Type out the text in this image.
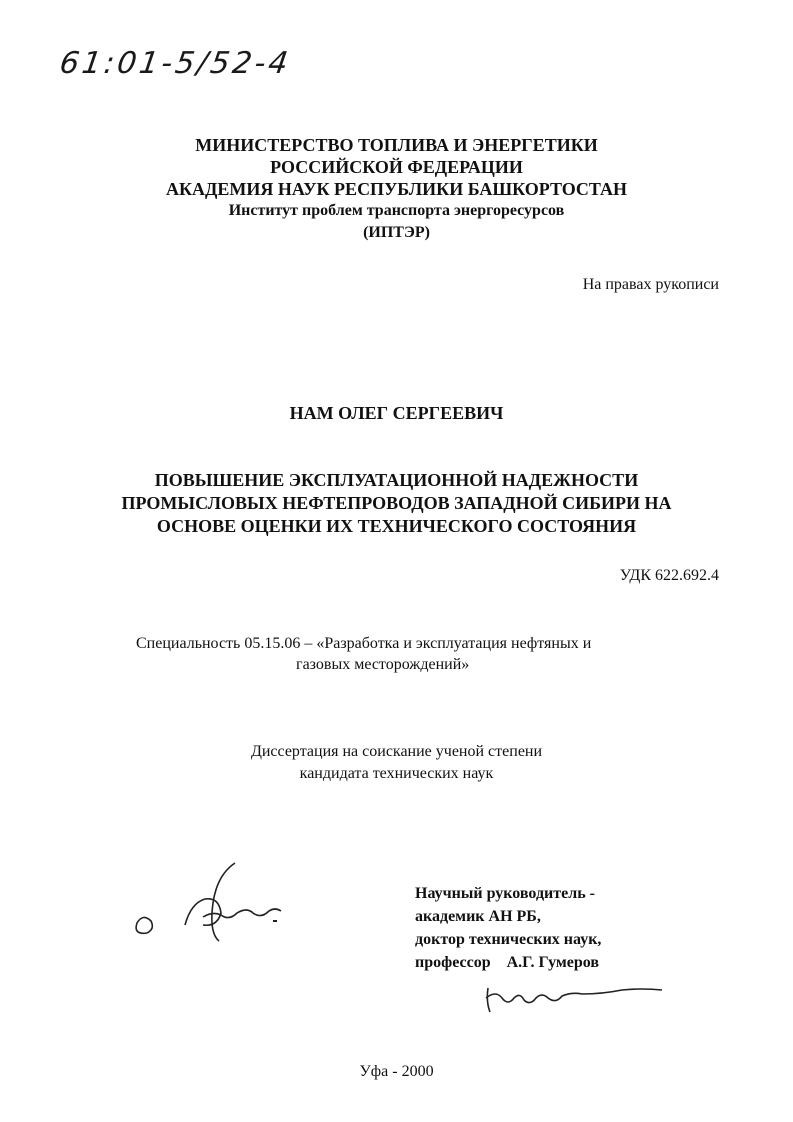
61:01-5/52-4
МИНИСТЕРСТВО ТОПЛИВА И ЭНЕРГЕТИКИ
РОССИЙСКОЙ ФЕДЕРАЦИИ
АКАДЕМИЯ НАУК РЕСПУБЛИКИ БАШКОРТОСТАН
Институт проблем транспорта энергоресурсов
(ИПТЭР)
На правах рукописи
НАМ ОЛЕГ СЕРГЕЕВИЧ
ПОВЫШЕНИЕ ЭКСПЛУАТАЦИОННОЙ НАДЕЖНОСТИ
ПРОМЫСЛОВЫХ НЕФТЕПРОВОДОВ ЗАПАДНОЙ СИБИРИ НА
ОСНОВЕ ОЦЕНКИ ИХ ТЕХНИЧЕСКОГО СОСТОЯНИЯ
УДК 622.692.4
Специальность 05.15.06 – «Разработка и эксплуатация нефтяных и
газовых месторождений»
Диссертация на соискание ученой степени
кандидата технических наук
Научный руководитель -
академик АН РБ,
доктор технических наук,
профессор    А.Г. Гумеров
Уфа - 2000
